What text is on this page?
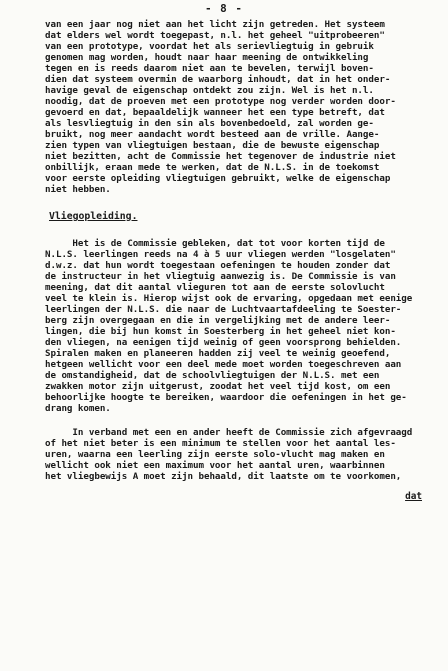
- 8 -
van een jaar nog niet aan het licht zijn getreden. Het systeem
dat elders wel wordt toegepast, n.l. het geheel "uitprobeeren"
van een prototype, voordat het als serievliegtuig in gebruik
genomen mag worden, houdt naar haar meening de ontwikkeling
tegen en is reeds daarom niet aan te bevelen, terwijl boven-
dien dat systeem overmin de waarborg inhoudt, dat in het onder-
havige geval de eigenschap ontdekt zou zijn. Wel is het n.l.
noodig, dat de proeven met een prototype nog verder worden door-
gevoerd en dat, bepaaldelijk wanneer het een type betreft, dat
als lesvliegtuig in den sin als bovenbedoeld, zal worden ge-
bruikt, nog meer aandacht wordt besteed aan de vrille. Aange-
zien typen van vliegtuigen bestaan, die de bewuste eigenschap
niet bezitten, acht de Commissie het tegenover de industrie niet
onbillijk, eraan mede te werken, dat de N.L.S. in de toekomst
voor eerste opleiding vliegtuigen gebruikt, welke de eigenschap
niet hebben.
Vliegopleiding.
Het is de Commissie gebleken, dat tot voor korten tijd de
N.L.S. leerlingen reeds na 4 à 5 uur vliegen werden "losgelaten"
d.w.z. dat hun wordt toegestaan oefeningen te houden zonder dat
de instructeur in het vliegtuig aanwezig is. De Commissie is van
meening, dat dit aantal vlieguren tot aan de eerste solovlucht
veel te klein is. Hierop wijst ook de ervaring, opgedaan met eenige
leerlingen der N.L.S. die naar de Luchtvaartafdeeling te Soester-
berg zijn overgegaan en die in vergelijking met de andere leer-
lingen, die bij hun komst in Soesterberg in het geheel niet kon-
den vliegen, na eenigen tijd weinig of geen voorsprong behielden.
Spiralen maken en planeeren hadden zij veel te weinig geoefend,
hetgeen wellicht voor een deel mede moet worden toegeschreven aan
de omstandigheid, dat de schoolvliegtuigen der N.L.S. met een
zwakken motor zijn uitgerust, zoodat het veel tijd kost, om een
behoorlijke hoogte te bereiken, waardoor die oefeningen in het ge-
drang komen.
In verband met een en ander heeft de Commissie zich afgevraagd
of het niet beter is een minimum te stellen voor het aantal les-
uren, waarna een leerling zijn eerste solo-vlucht mag maken en
wellicht ook niet een maximum voor het aantal uren, waarbinnen
het vliegbewijs A moet zijn behaald, dit laatste om te voorkomen,
dat
